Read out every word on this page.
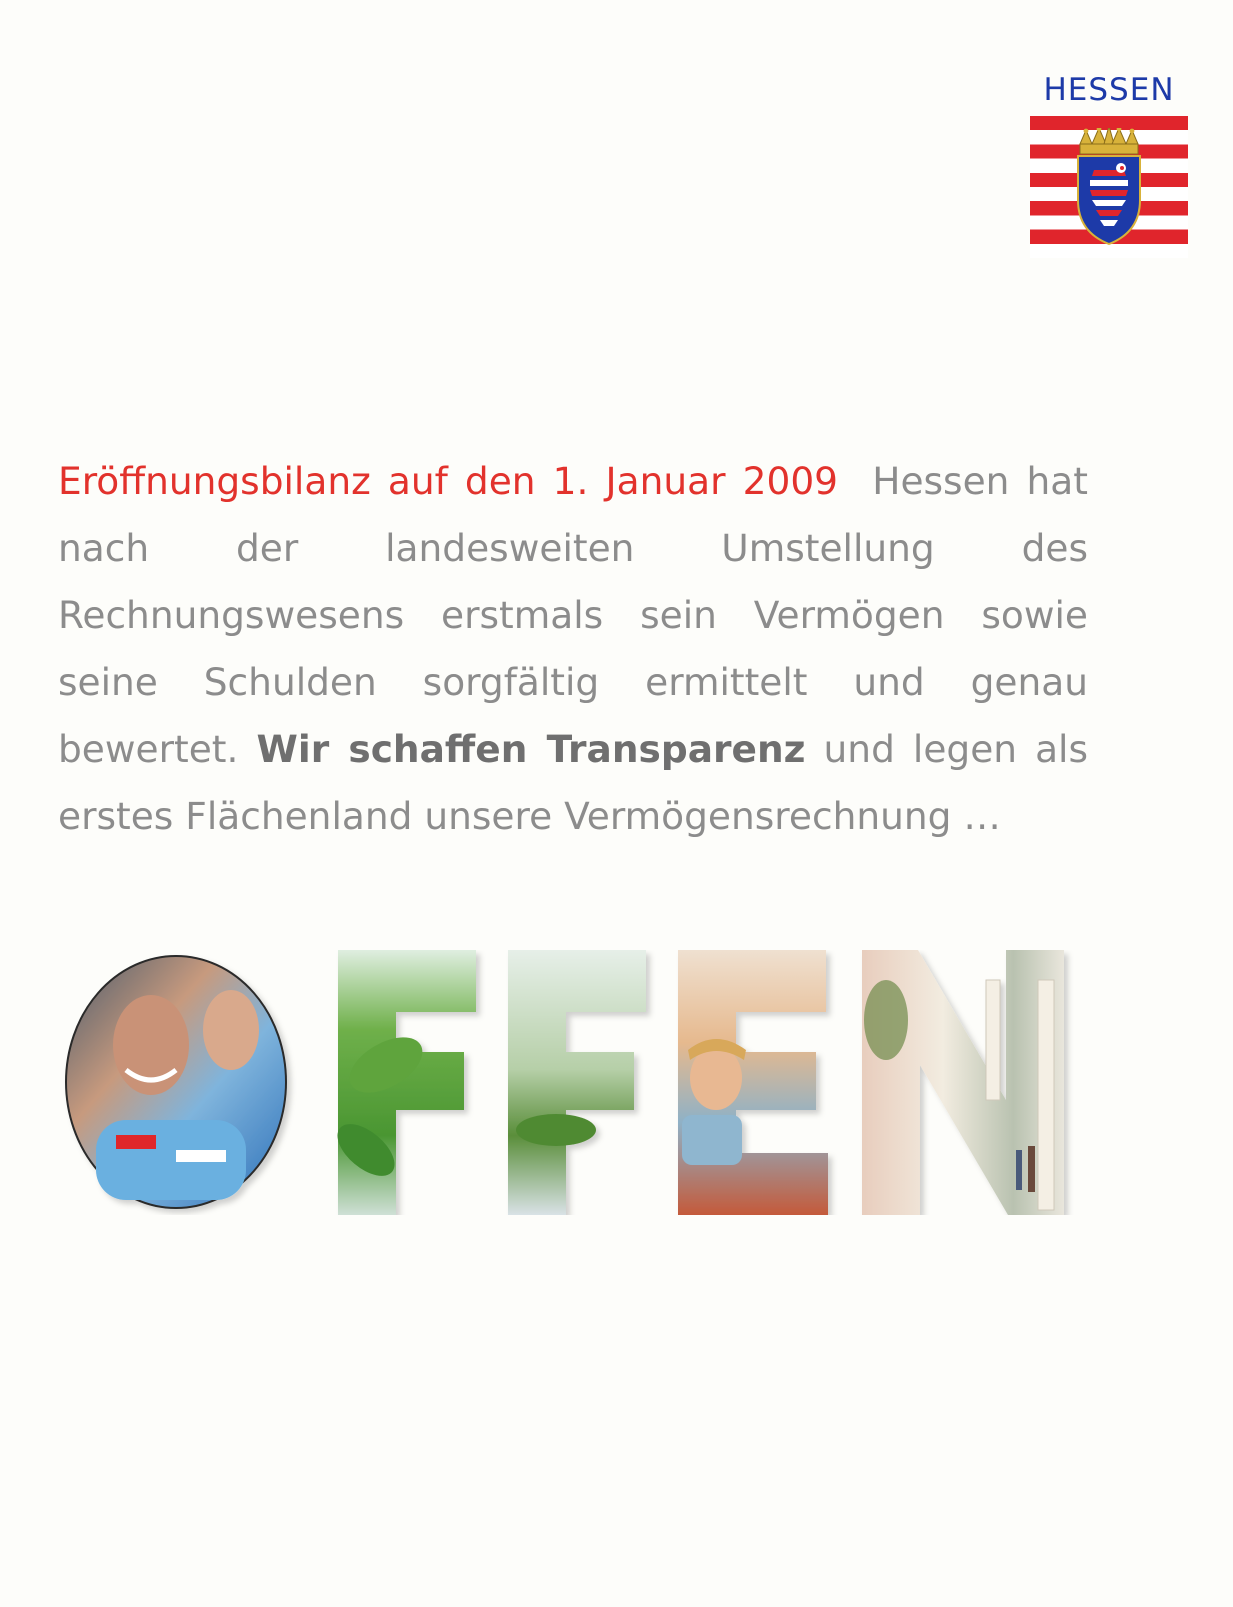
HESSEN

Eröffnungsbilanz auf den 1. Januar 2009 Hessen hat nach der landesweiten Umstellung des Rechnungswesens erstmals sein Vermögen sowie seine Schulden sorgfältig ermittelt und genau bewertet. Wir schaffen Transparenz und legen als erstes Flächenland unsere Vermögensrechnung …
